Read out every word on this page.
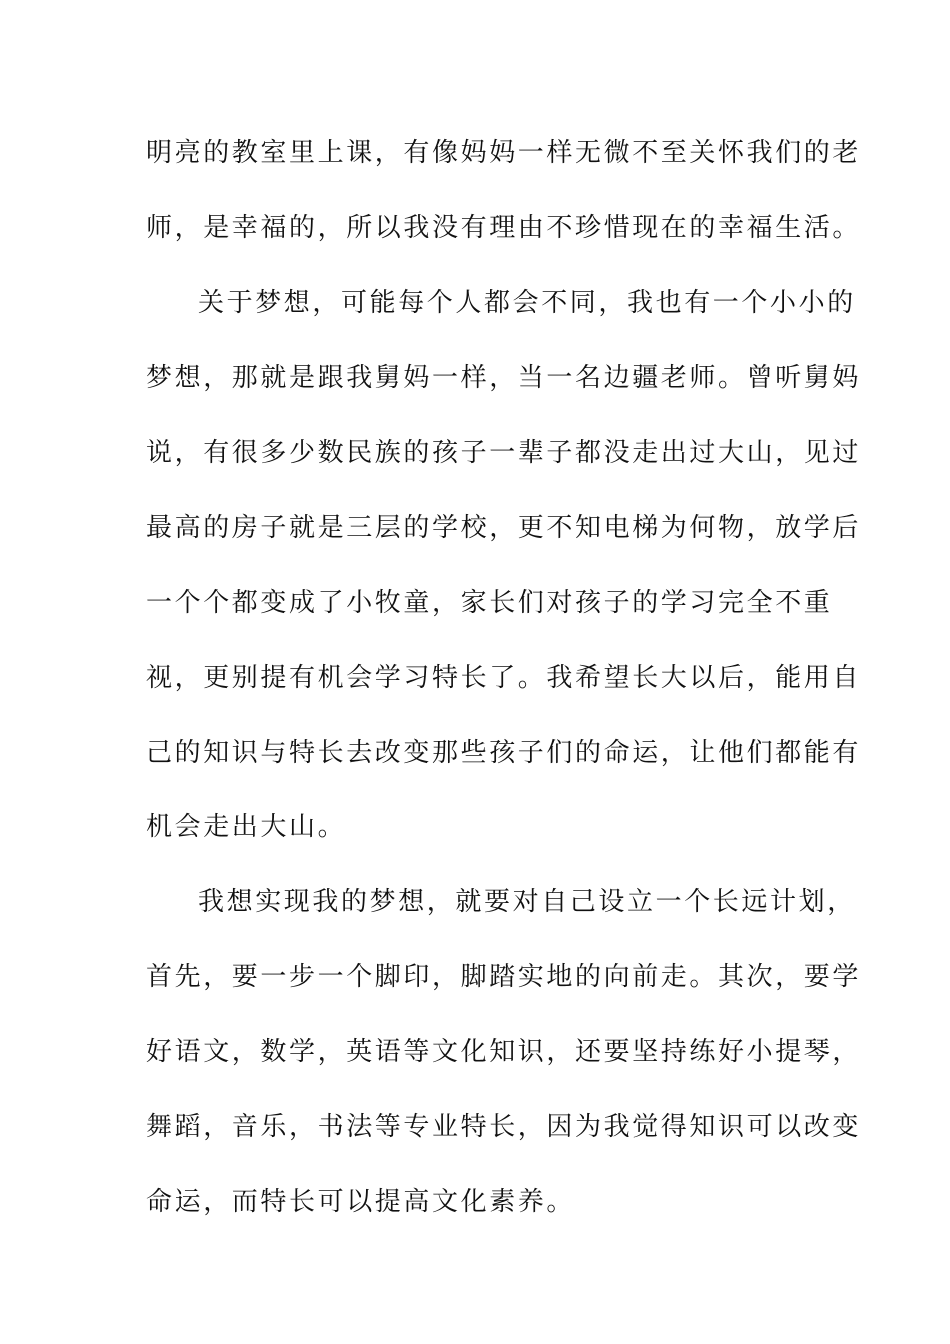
明亮的教室里上课，有像妈妈一样无微不至关怀我们的老
师，是幸福的，所以我没有理由不珍惜现在的幸福生活。
关于梦想，可能每个人都会不同，我也有一个小小的
梦想，那就是跟我舅妈一样，当一名边疆老师。曾听舅妈
说，有很多少数民族的孩子一辈子都没走出过大山，见过
最高的房子就是三层的学校，更不知电梯为何物，放学后
一个个都变成了小牧童，家长们对孩子的学习完全不重
视，更别提有机会学习特长了。我希望长大以后，能用自
己的知识与特长去改变那些孩子们的命运，让他们都能有
机会走出大山。
我想实现我的梦想，就要对自己设立一个长远计划，
首先，要一步一个脚印，脚踏实地的向前走。其次，要学
好语文，数学，英语等文化知识，还要坚持练好小提琴，
舞蹈，音乐，书法等专业特长，因为我觉得知识可以改变
命运，而特长可以提高文化素养。
